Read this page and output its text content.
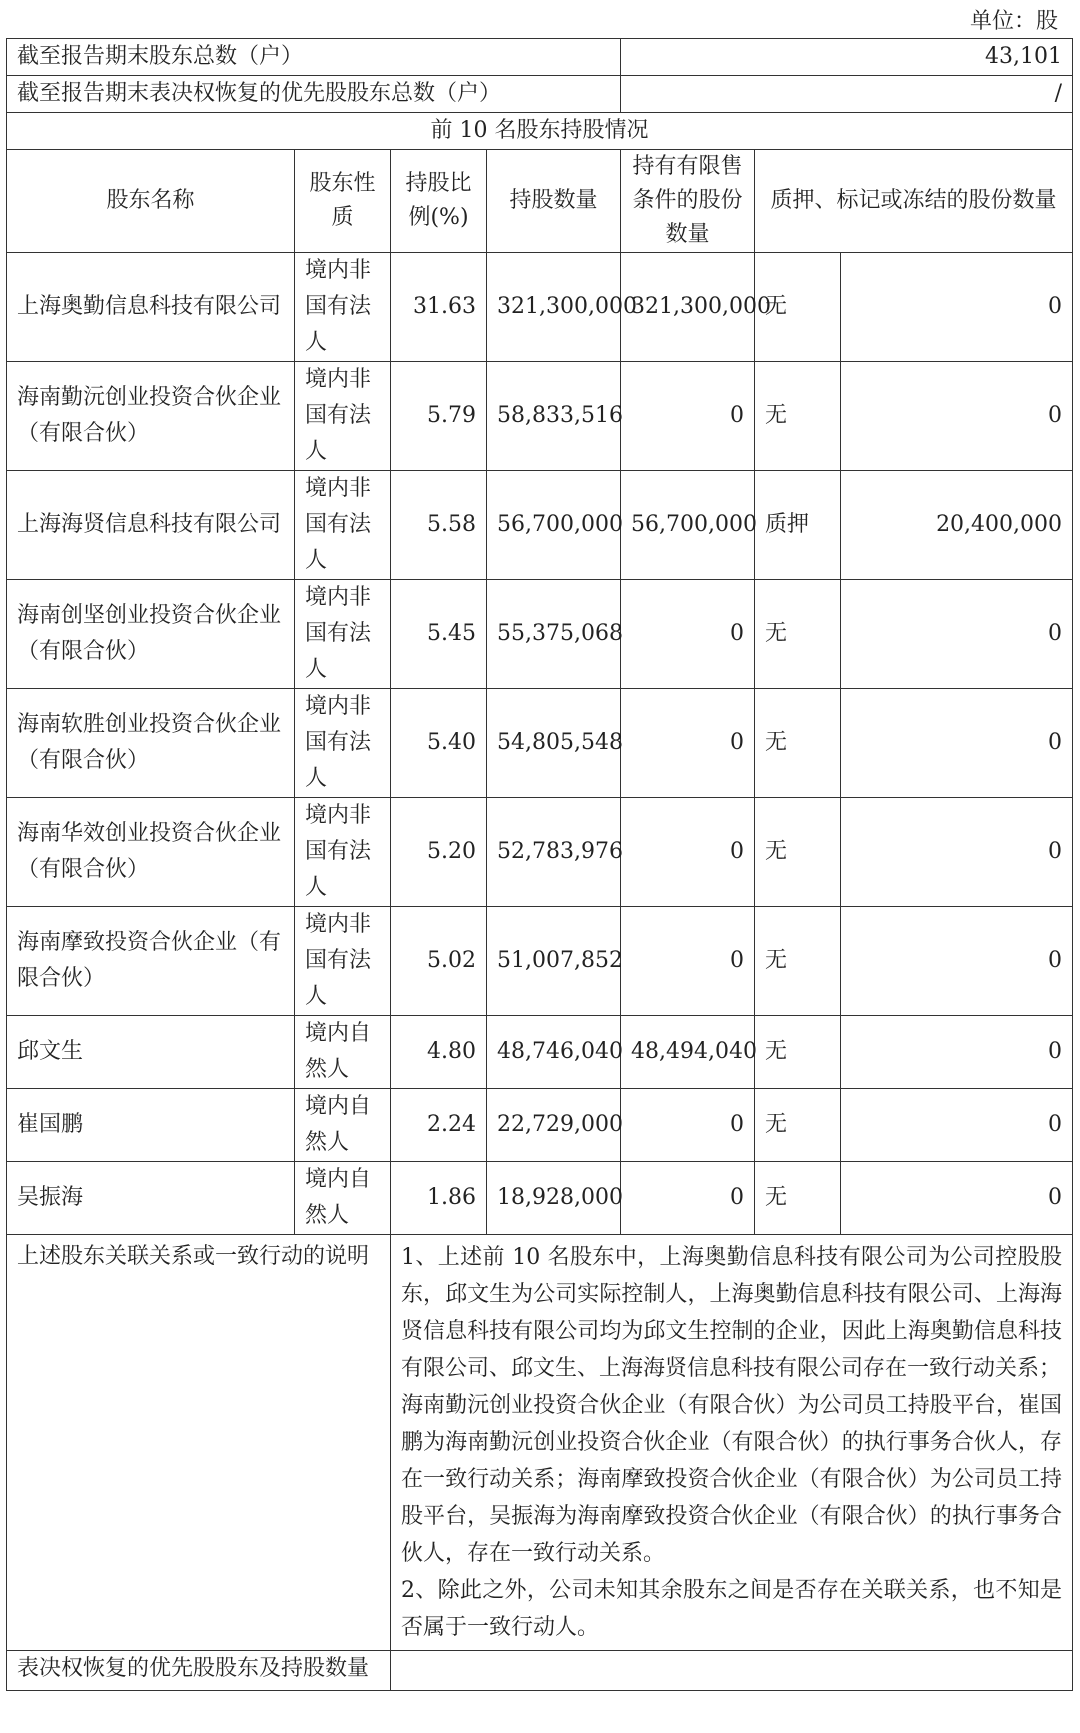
单位：股
截至报告期末股东总数（户）				43,101		
截至报告期末表决权恢复的优先股股东总数（户）				/		
前 10 名股东持股情况						
股东名称	股东性质	持股比例(%)	持股数量	持有有限售条件的股份数量	质押、标记或冻结的股份数量	
上海奥勤信息科技有限公司	境内非国有法人	31.63	321,300,000	321,300,000	无	0
海南勤沅创业投资合伙企业（有限合伙）	境内非国有法人	5.79	58,833,516	0	无	0
上海海贤信息科技有限公司	境内非国有法人	5.58	56,700,000	56,700,000	质押	20,400,000
海南创坚创业投资合伙企业（有限合伙）	境内非国有法人	5.45	55,375,068	0	无	0
海南软胜创业投资合伙企业（有限合伙）	境内非国有法人	5.40	54,805,548	0	无	0
海南华效创业投资合伙企业（有限合伙）	境内非国有法人	5.20	52,783,976	0	无	0
海南摩致投资合伙企业（有限合伙）	境内非国有法人	5.02	51,007,852	0	无	0
邱文生	境内自然人	4.80	48,746,040	48,494,040	无	0
崔国鹏	境内自然人	2.24	22,729,000	0	无	0
吴振海	境内自然人	1.86	18,928,000	0	无	0
上述股东关联关系或一致行动的说明		1、上述前 10 名股东中，上海奥勤信息科技有限公司为公司控股股东，邱文生为公司实际控制人，上海奥勤信息科技有限公司、上海海贤信息科技有限公司均为邱文生控制的企业，因此上海奥勤信息科技有限公司、邱文生、上海海贤信息科技有限公司存在一致行动关系；
海南勤沅创业投资合伙企业（有限合伙）为公司员工持股平台，崔国鹏为海南勤沅创业投资合伙企业（有限合伙）的执行事务合伙人，存在一致行动关系；海南摩致投资合伙企业（有限合伙）为公司员工持股平台，吴振海为海南摩致投资合伙企业（有限合伙）的执行事务合伙人，存在一致行动关系。
2、除此之外，公司未知其余股东之间是否存在关联关系，也不知是否属于一致行动人。				

表决权恢复的优先股股东及持股数量						
